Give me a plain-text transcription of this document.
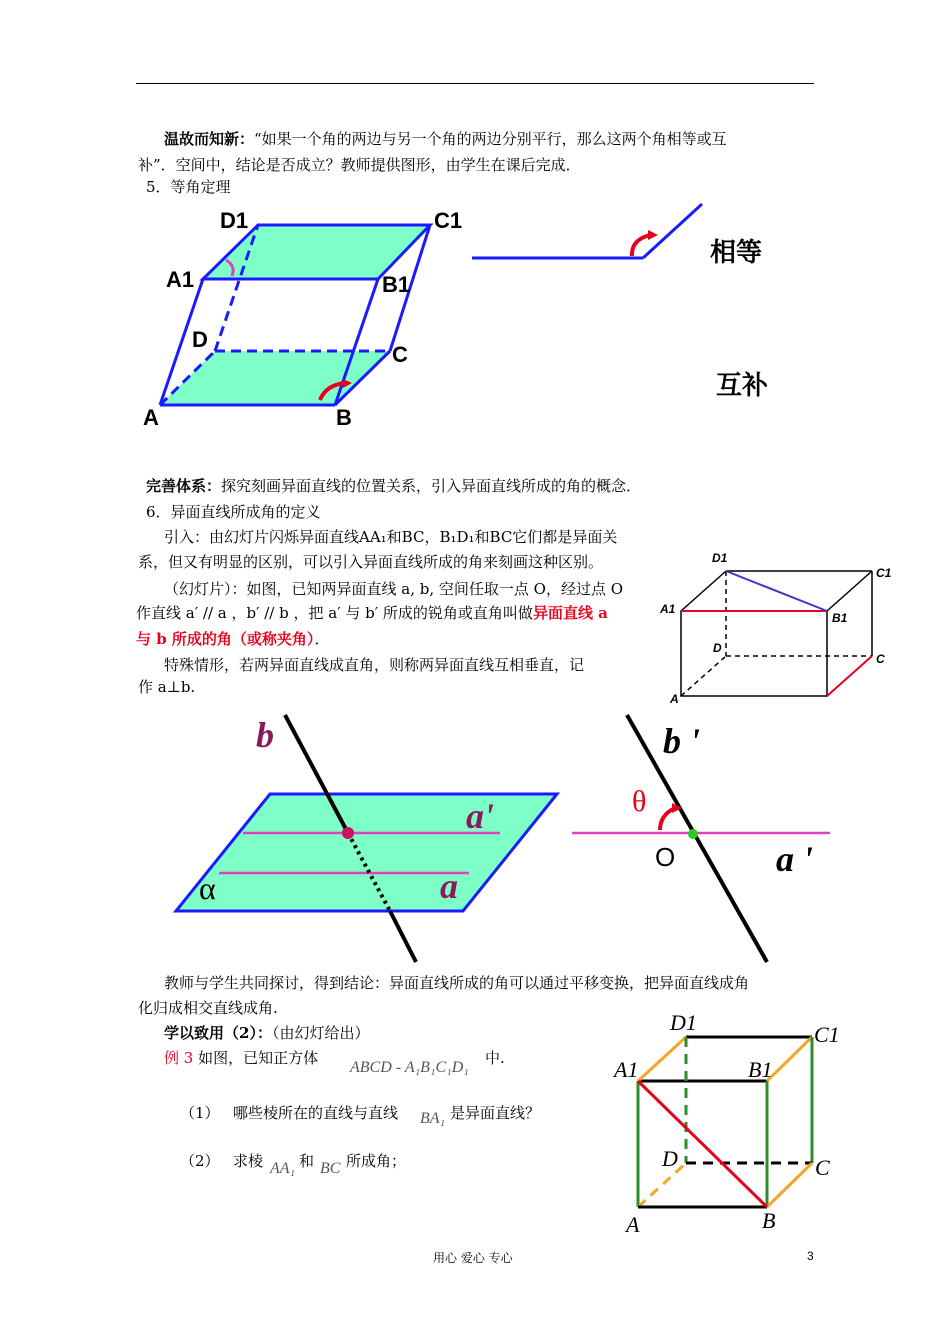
温故而知新：“如果一个角的两边与另一个角的两边分别平行，那么这两个角相等或互
补”．空间中，结论是否成立？教师提供图形，由学生在课后完成．
5．等角定理
D1	C1
A1	B1
D
C
A	B
相等
互补
完善体系：探究刻画异面直线的位置关系，引入异面直线所成的角的概念．
6．异面直线所成角的定义
引入：由幻灯片闪烁异面直线AA₁和BC，B₁D₁和BC它们都是异面关
系，但又有明显的区别，可以引入异面直线所成的角来刻画这种区别。
（幻灯片）：如图，已知两异面直线 a, b, 空间任取一点 O，经过点 O
作直线 a′ // a ，b′ // b ，把 a′ 与 b′ 所成的锐角或直角叫做异面直线 a
与 b 所成的角（或称夹角）．
特殊情形，若两异面直线成直角，则称两异面直线互相垂直，记
作 a⊥b.
D1
C1
A1
B1
D
C
A
b
a'
α	a
θ
O
b '
a '
教师与学生共同探讨，得到结论：异面直线所成的角可以通过平移变换，把异面直线成角
化归成相交直线成角.
学以致用（2）：（由幻灯给出）
例 3 如图，已知正方体
ABCD - A₁B₁C₁D₁
中.
（1） 哪些棱所在的直线与直线 BA₁ 是异面直线？
（2） 求棱 AA₁ 和 BC 所成角；
D1	C1
A1	B1
D	C
A	B
用心 爱心 专心	3
